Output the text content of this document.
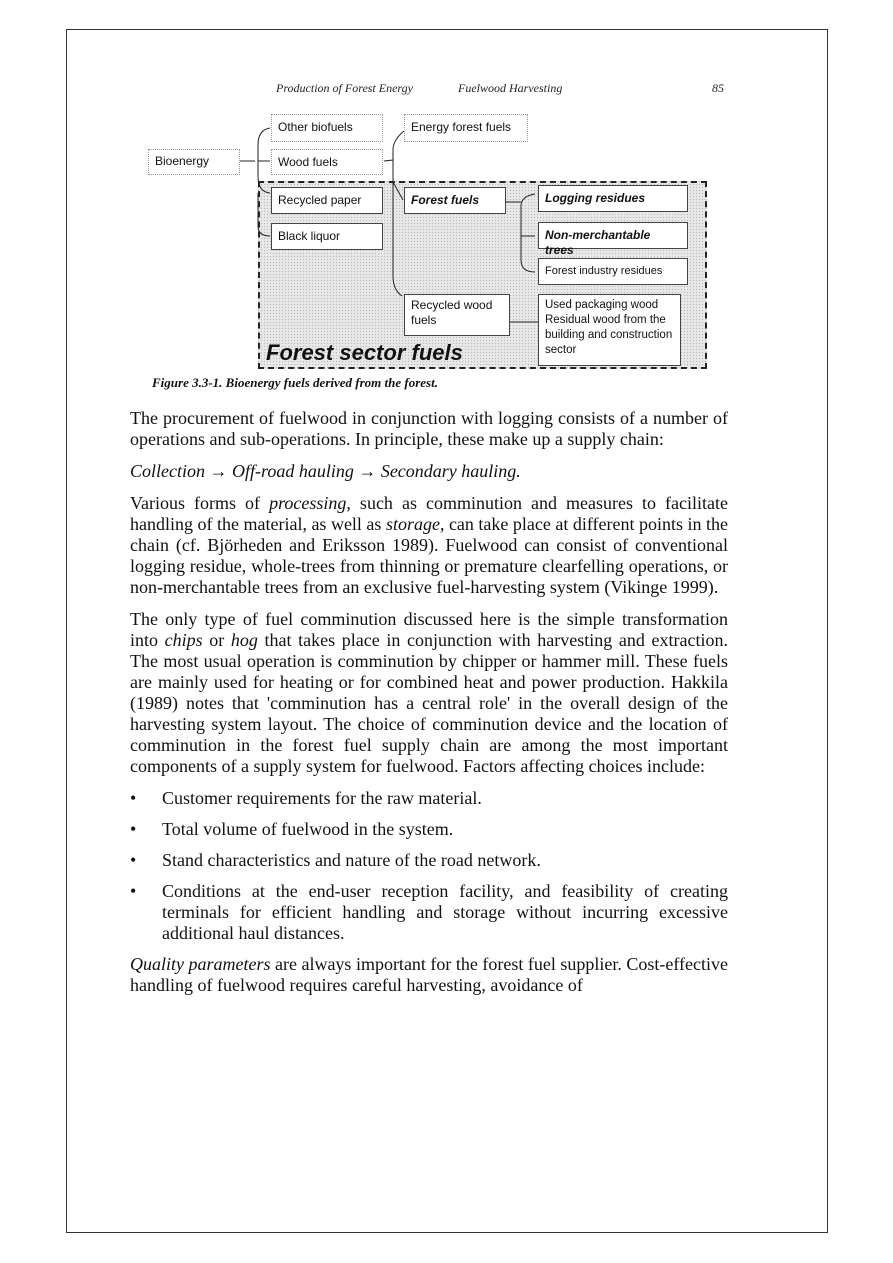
Production of Forest Energy	Fuelwood Harvesting	85
Bioenergy
Other biofuels	Energy forest fuels
Wood fuels
Recycled paper
Black liquor
Forest fuels	Logging residues
Non-merchantable trees
Forest industry residues
Recycled wood
fuels
Used packaging wood
Residual wood from the
building and construction
sector
Forest sector fuels
Figure 3.3-1. Bioenergy fuels derived from the forest.

The procurement of fuelwood in conjunction with logging consists of a number of operations and sub-operations. In principle, these make up a supply chain:

Collection → Off-road hauling → Secondary hauling.

Various forms of processing, such as comminution and measures to facilitate handling of the material, as well as storage, can take place at different points in the chain (cf. Björheden and Eriksson 1989). Fuelwood can consist of conventional logging residue, whole-trees from thinning or premature clearfelling operations, or non-merchantable trees from an exclusive fuel-harvesting system (Vikinge 1999).

The only type of fuel comminution discussed here is the simple transformation into chips or hog that takes place in conjunction with harvesting and extraction. The most usual operation is comminution by chipper or hammer mill. These fuels are mainly used for heating or for combined heat and power production. Hakkila (1989) notes that 'comminution has a central role' in the overall design of the harvesting system layout. The choice of comminution device and the location of comminution in the forest fuel supply chain are among the most important components of a supply system for fuelwood. Factors affecting choices include:

• Customer requirements for the raw material.
• Total volume of fuelwood in the system.
• Stand characteristics and nature of the road network.
• Conditions at the end-user reception facility, and feasibility of creating terminals for efficient handling and storage without incurring excessive additional haul distances.

Quality parameters are always important for the forest fuel supplier. Cost-effective handling of fuelwood requires careful harvesting, avoidance of
